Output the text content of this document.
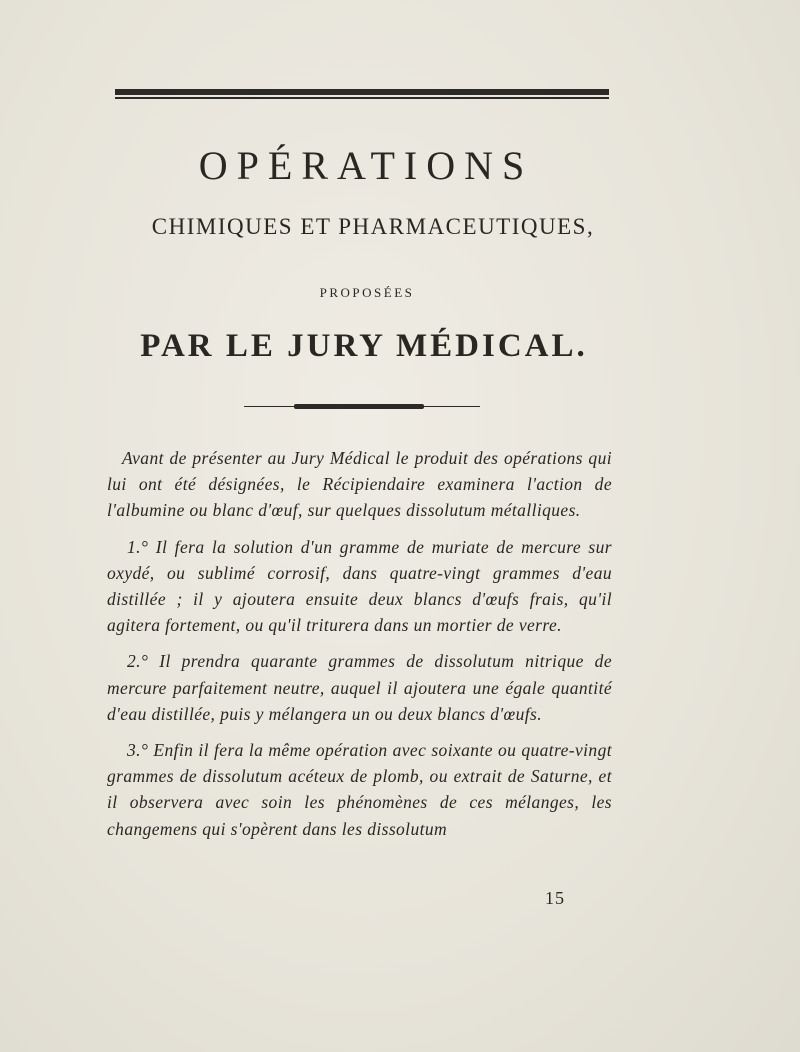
OPÉRATIONS
CHIMIQUES ET PHARMACEUTIQUES,
PROPOSÉES
PAR LE JURY MÉDICAL.

Avant de présenter au Jury Médical le produit des opérations qui lui ont été désignées, le Récipiendaire examinera l'action de l'albumine ou blanc d'œuf, sur quelques dissolutum métalliques.

1.° Il fera la solution d'un gramme de muriate de mercure sur oxydé, ou sublimé corrosif, dans quatre-vingt grammes d'eau distillée ; il y ajoutera ensuite deux blancs d'œufs frais, qu'il agitera fortement, ou qu'il triturera dans un mortier de verre.

2.° Il prendra quarante grammes de dissolutum nitrique de mercure parfaitement neutre, auquel il ajoutera une égale quantité d'eau distillée, puis y mélangera un ou deux blancs d'œufs.

3.° Enfin il fera la même opération avec soixante ou quatre-vingt grammes de dissolutum acéteux de plomb, ou extrait de Saturne, et il observera avec soin les phénomènes de ces mélanges, les changemens qui s'opèrent dans les dissolutum

15
